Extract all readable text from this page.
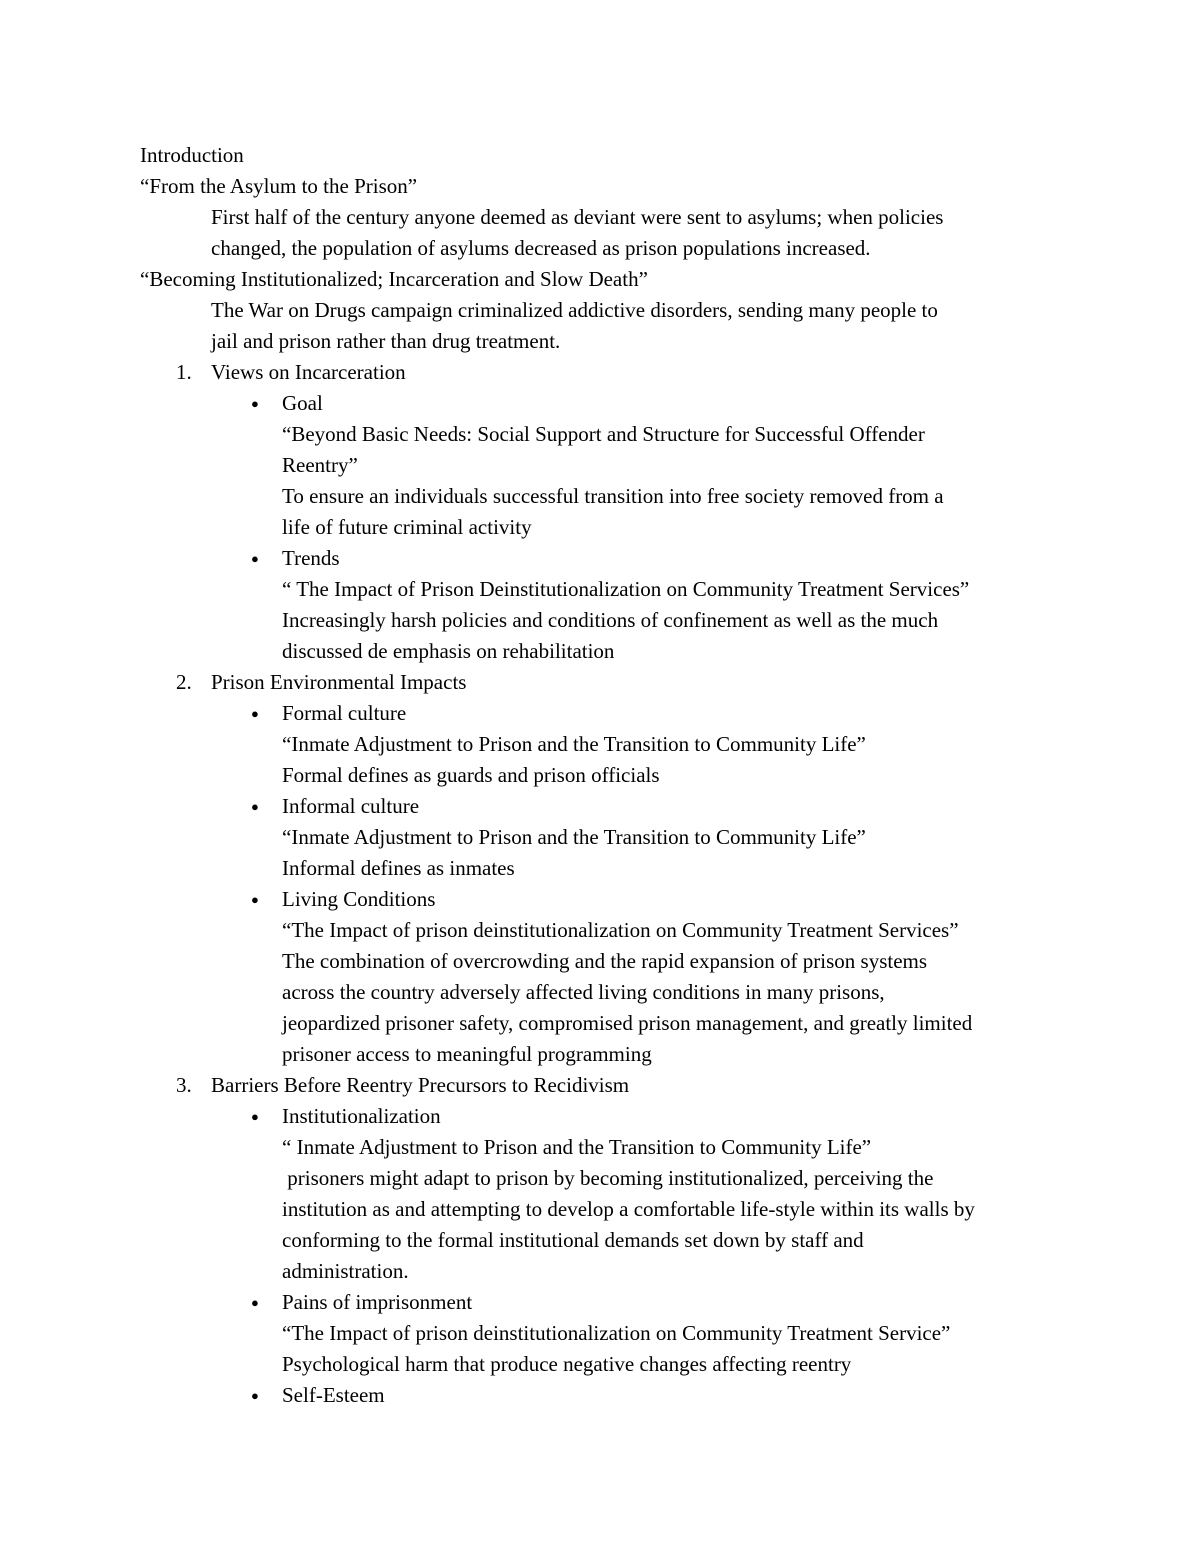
Introduction
“From the Asylum to the Prison”
First half of the century anyone deemed as deviant were sent to asylums; when policies
changed, the population of asylums decreased as prison populations increased.
“Becoming Institutionalized; Incarceration and Slow Death”
The War on Drugs campaign criminalized addictive disorders, sending many people to
jail and prison rather than drug treatment.
1. Views on Incarceration
● Goal
“Beyond Basic Needs: Social Support and Structure for Successful Offender
Reentry”
To ensure an individuals successful transition into free society removed from a
life of future criminal activity
● Trends
“ The Impact of Prison Deinstitutionalization on Community Treatment Services”
Increasingly harsh policies and conditions of confinement as well as the much
discussed de emphasis on rehabilitation
2. Prison Environmental Impacts
● Formal culture
“Inmate Adjustment to Prison and the Transition to Community Life”
Formal defines as guards and prison officials
● Informal culture
“Inmate Adjustment to Prison and the Transition to Community Life”
Informal defines as inmates
● Living Conditions
“The Impact of prison deinstitutionalization on Community Treatment Services”
The combination of overcrowding and the rapid expansion of prison systems
across the country adversely affected living conditions in many prisons,
jeopardized prisoner safety, compromised prison management, and greatly limited
prisoner access to meaningful programming
3. Barriers Before Reentry Precursors to Recidivism
● Institutionalization
“ Inmate Adjustment to Prison and the Transition to Community Life”
prisoners might adapt to prison by becoming institutionalized, perceiving the
institution as and attempting to develop a comfortable life-style within its walls by
conforming to the formal institutional demands set down by staff and
administration.
● Pains of imprisonment
“The Impact of prison deinstitutionalization on Community Treatment Service”
Psychological harm that produce negative changes affecting reentry
● Self-Esteem
